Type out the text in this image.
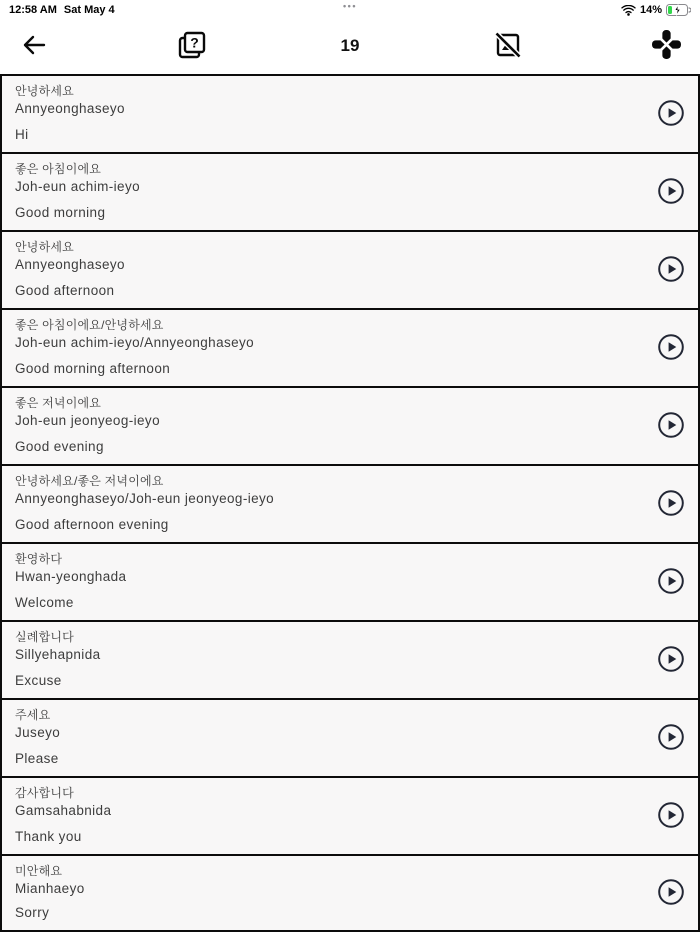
12:58 AM Sat May 4	•••	14%
?	19
안녕하세요
Annyeonghaseyo
Hi
좋은 아침이에요
Joh-eun achim-ieyo
Good morning
안녕하세요
Annyeonghaseyo
Good afternoon
좋은 아침이에요/안녕하세요
Joh-eun achim-ieyo/Annyeonghaseyo
Good morning afternoon
좋은 저녁이에요
Joh-eun jeonyeog-ieyo
Good evening
안녕하세요/좋은 저녁이에요
Annyeonghaseyo/Joh-eun jeonyeog-ieyo
Good afternoon evening
환영하다
Hwan-yeonghada
Welcome
실례합니다
Sillyehapnida
Excuse
주세요
Juseyo
Please
감사합니다
Gamsahabnida
Thank you
미안해요
Mianhaeyo
Sorry
